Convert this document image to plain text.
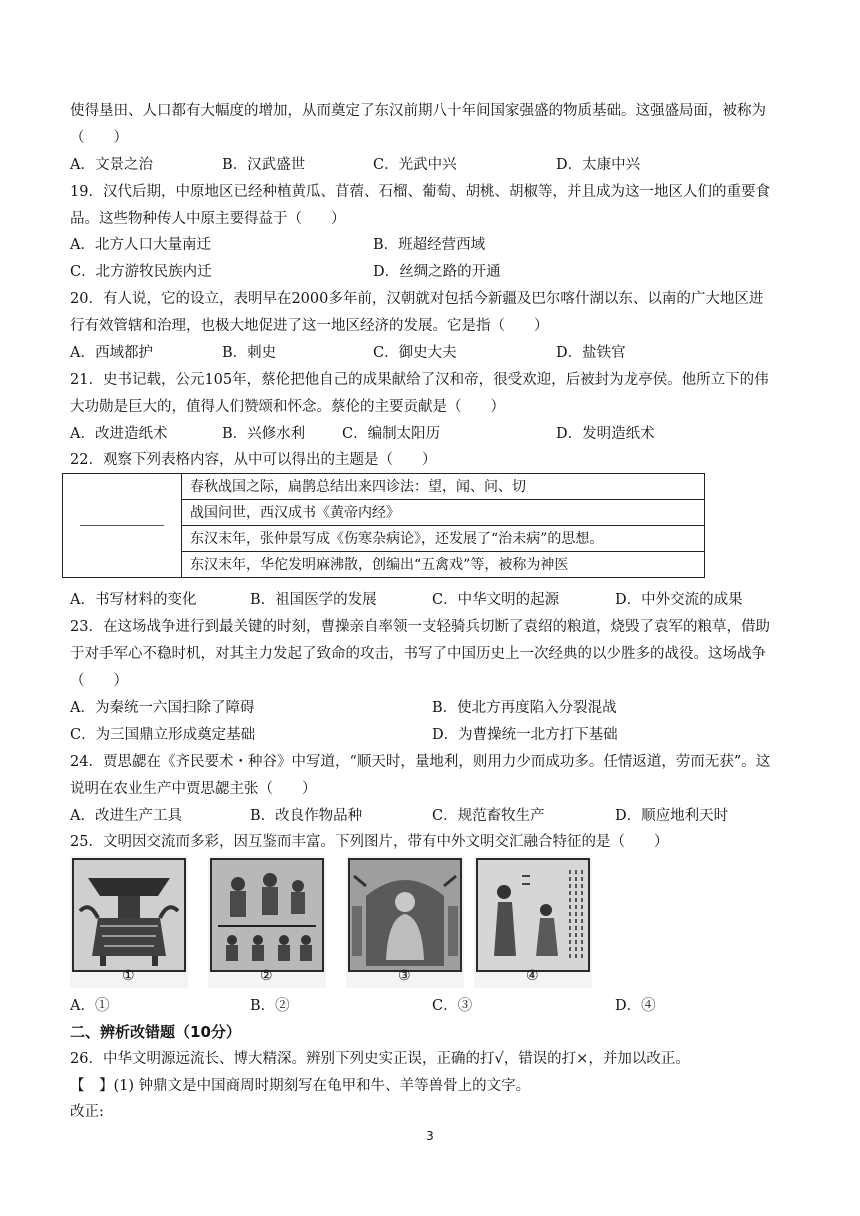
使得垦田、人口都有大幅度的增加，从而奠定了东汉前期八十年间国家强盛的物质基础。这强盛局面，被称为
（　　）
A．文景之治	B．汉武盛世	C．光武中兴	D．太康中兴
19．汉代后期，中原地区已经种植黄瓜、苜蓿、石榴、葡萄、胡桃、胡椒等，并且成为这一地区人们的重要食
品。这些物种传人中原主要得益于（　　）
A．北方人口大量南迁	B．班超经营西域
C．北方游牧民族内迁	D．丝绸之路的开通
20．有人说，它的设立，表明早在2000多年前，汉朝就对包括今新疆及巴尔喀什湖以东、以南的广大地区进
行有效管辖和治理，也极大地促进了这一地区经济的发展。它是指（　　）
A．西域都护	B．刺史	C．御史大夫	D．盐铁官
21．史书记载，公元105年，蔡伦把他自己的成果献给了汉和帝，很受欢迎，后被封为龙亭侯。他所立下的伟
大功勋是巨大的，值得人们赞颂和怀念。蔡伦的主要贡献是（　　）
A．改进造纸术	B．兴修水利	C．编制太阳历	D．发明造纸术
22．观察下列表格内容，从中可以得出的主题是（　　）
	春秋战国之际，扁鹊总结出来四诊法：望，闻、问、切
战国问世，西汉成书《黄帝内经》
东汉末年，张仲景写成《伤寒杂病论》，还发展了“治未病”的思想。
东汉末年，华佗发明麻沸散，创编出“五禽戏”等，被称为神医
A．书写材料的变化	B．祖国医学的发展	C．中华文明的起源	D．中外交流的成果
23．在这场战争进行到最关键的时刻，曹操亲自率领一支轻骑兵切断了袁绍的粮道，烧毁了袁军的粮草，借助
于对手军心不稳时机，对其主力发起了致命的攻击，书写了中国历史上一次经典的以少胜多的战役。这场战争
（　　）
A．为秦统一六国扫除了障碍	B．使北方再度陷入分裂混战
C．为三国鼎立形成奠定基础	D．为曹操统一北方打下基础
24．贾思勰在《齐民要术・种谷》中写道，“顺天时，量地利，则用力少而成功多。任情返道，劳而无获”。这
说明在农业生产中贾思勰主张（　　）
A．改进生产工具	B．改良作物品种	C．规范畜牧生产	D．顺应地利天时
25．文明因交流而多彩，因互鉴而丰富。下列图片，带有中外文明交汇融合特征的是（　　）
①	②	③	④
A．①	B．②	C．③	D．④
二、辨析改错题（10分）
26．中华文明源远流长、博大精深。辨别下列史实正误，正确的打√，错误的打×，并加以改正。
【　】(1) 钟鼎文是中国商周时期刻写在龟甲和牛、羊等兽骨上的文字。
改正:
3
